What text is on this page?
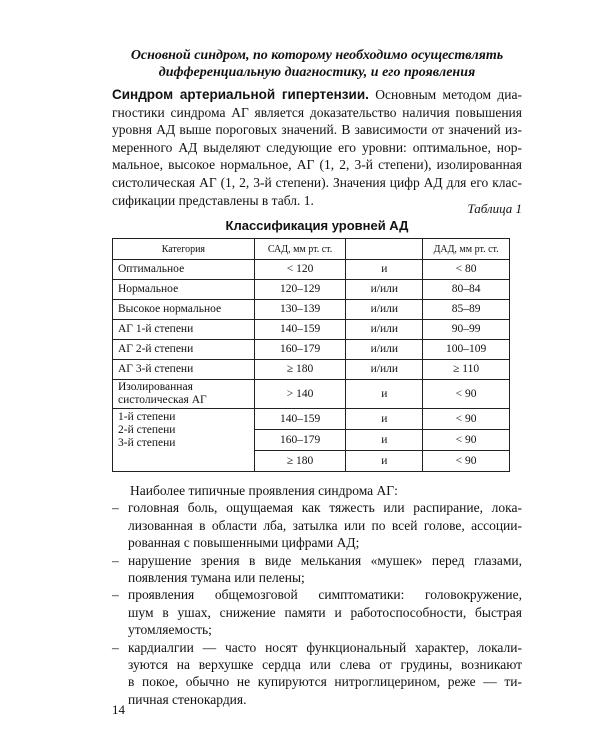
Основной синдром, по которому необходимо осуществлять
дифференциальную диагностику, и его проявления
Синдром артериальной гипертензии. Основным методом диа-
гностики синдрома АГ является доказательство наличия повышения
уровня АД выше пороговых значений. В зависимости от значений из-
меренного АД выделяют следующие его уровни: оптимальное, нор-
мальное, высокое нормальное, АГ (1, 2, 3-й степени), изолированная
систолическая АГ (1, 2, 3-й степени). Значения цифр АД для его клас-
сификации представлены в табл. 1.
Таблица 1
Классификация уровней АД
Категория	САД, мм рт. ст.		ДАД, мм рт. ст.
Оптимальное	< 120	и	< 80
Нормальное	120–129	и/или	80–84
Высокое нормальное	130–139	и/или	85–89
АГ 1-й степени	140–159	и/или	90–99
АГ 2-й степени	160–179	и/или	100–109
АГ 3-й степени	≥ 180	и/или	≥ 110

Изолированная
систолическая АГ	> 140	и	< 90

1-й степени
2-й степени
3-й степени	140–159	и	< 90
	160–179	и	< 90
	≥ 180	и	< 90
Наиболее типичные проявления синдрома АГ:
– головная боль, ощущаемая как тяжесть или распирание, лока-
лизованная в области лба, затылка или по всей голове, ассоции-
рованная с повышенными цифрами АД;
– нарушение зрения в виде мелькания «мушек» перед глазами,
появления тумана или пелены;
– проявления общемозговой симптоматики: головокружение,
шум в ушах, снижение памяти и работоспособности, быстрая
утомляемость;
– кардиалгии — часто носят функциональный характер, локали-
зуются на верхушке сердца или слева от грудины, возникают
в покое, обычно не купируются нитроглицерином, реже — ти-
пичная стенокардия.
14
